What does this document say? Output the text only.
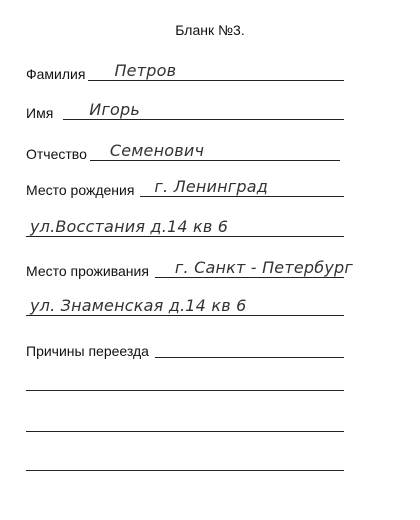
Бланк №3.
Фамилия Петров
Имя Игорь
Отчество Семенович
Место рождения г. Ленинград
ул.Восстания д.14 кв 6
Место проживания г. Санкт - Петербург
ул. Знаменская д.14 кв 6
Причины переезда
